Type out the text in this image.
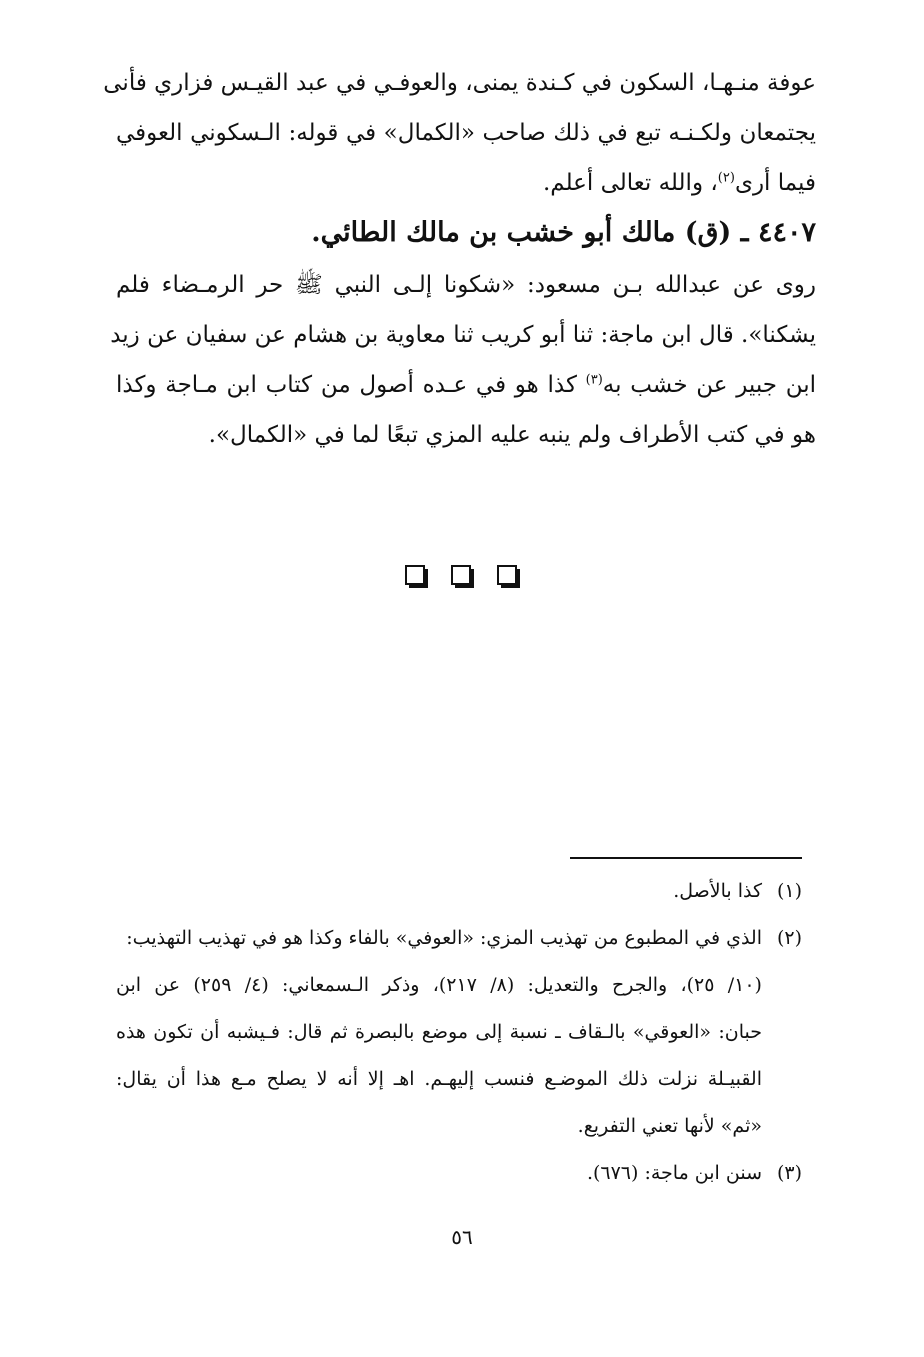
عوفة منـهـا، السكون في كـندة يمنى، والعوفـي في عبد القيـس فزاري فأنى
يجتمعان ولكـنـه تبع في ذلك صاحب «الكمال» في قوله: الـسكوني العوفي
فيما أرى$^{(٢)}$، والله تعالى أعلم.
٤٤٠٧ ـ (ق) مالك أبو خشب بن مالك الطائي.
روى عن عبدالله بـن مسعود: «شكونا إلـى النبي ﷺ حر الرمـضاء فلم
يشكنا». قال ابن ماجة: ثنا أبو كريب ثنا معاوية بن هشام عن سفيان عن زيد
ابن جبير عن خشب به$^{(٣)}$ كذا هو في عـده أصول من كتاب ابن مـاجة وكذا
هو في كتب الأطراف ولم ينبه عليه المزي تبعًا لما في «الكمال».
(١)كذا بالأصل.
(٢)الذي في المطبوع من تهذيب المزي: «العوفي» بالفاء وكذا هو في تهذيب التهذيب:
(١٠/ ٢٥)، والجرح والتعديل: (٨/ ٢١٧)، وذكر الـسمعاني: (٤/ ٢٥٩) عن ابن
حبان: «العوقي» بالـقاف ـ نسبة إلى موضع بالبصرة ثم قال: فـيشبه أن تكون هذه
القبيـلة نزلت ذلك الموضـع فنسب إليهـم. اهـ إلا أنه لا يصلح مـع هذا أن يقال:
«ثم» لأنها تعني التفريع.
(٣)سنن ابن ماجة: (٦٧٦).
٥٦
